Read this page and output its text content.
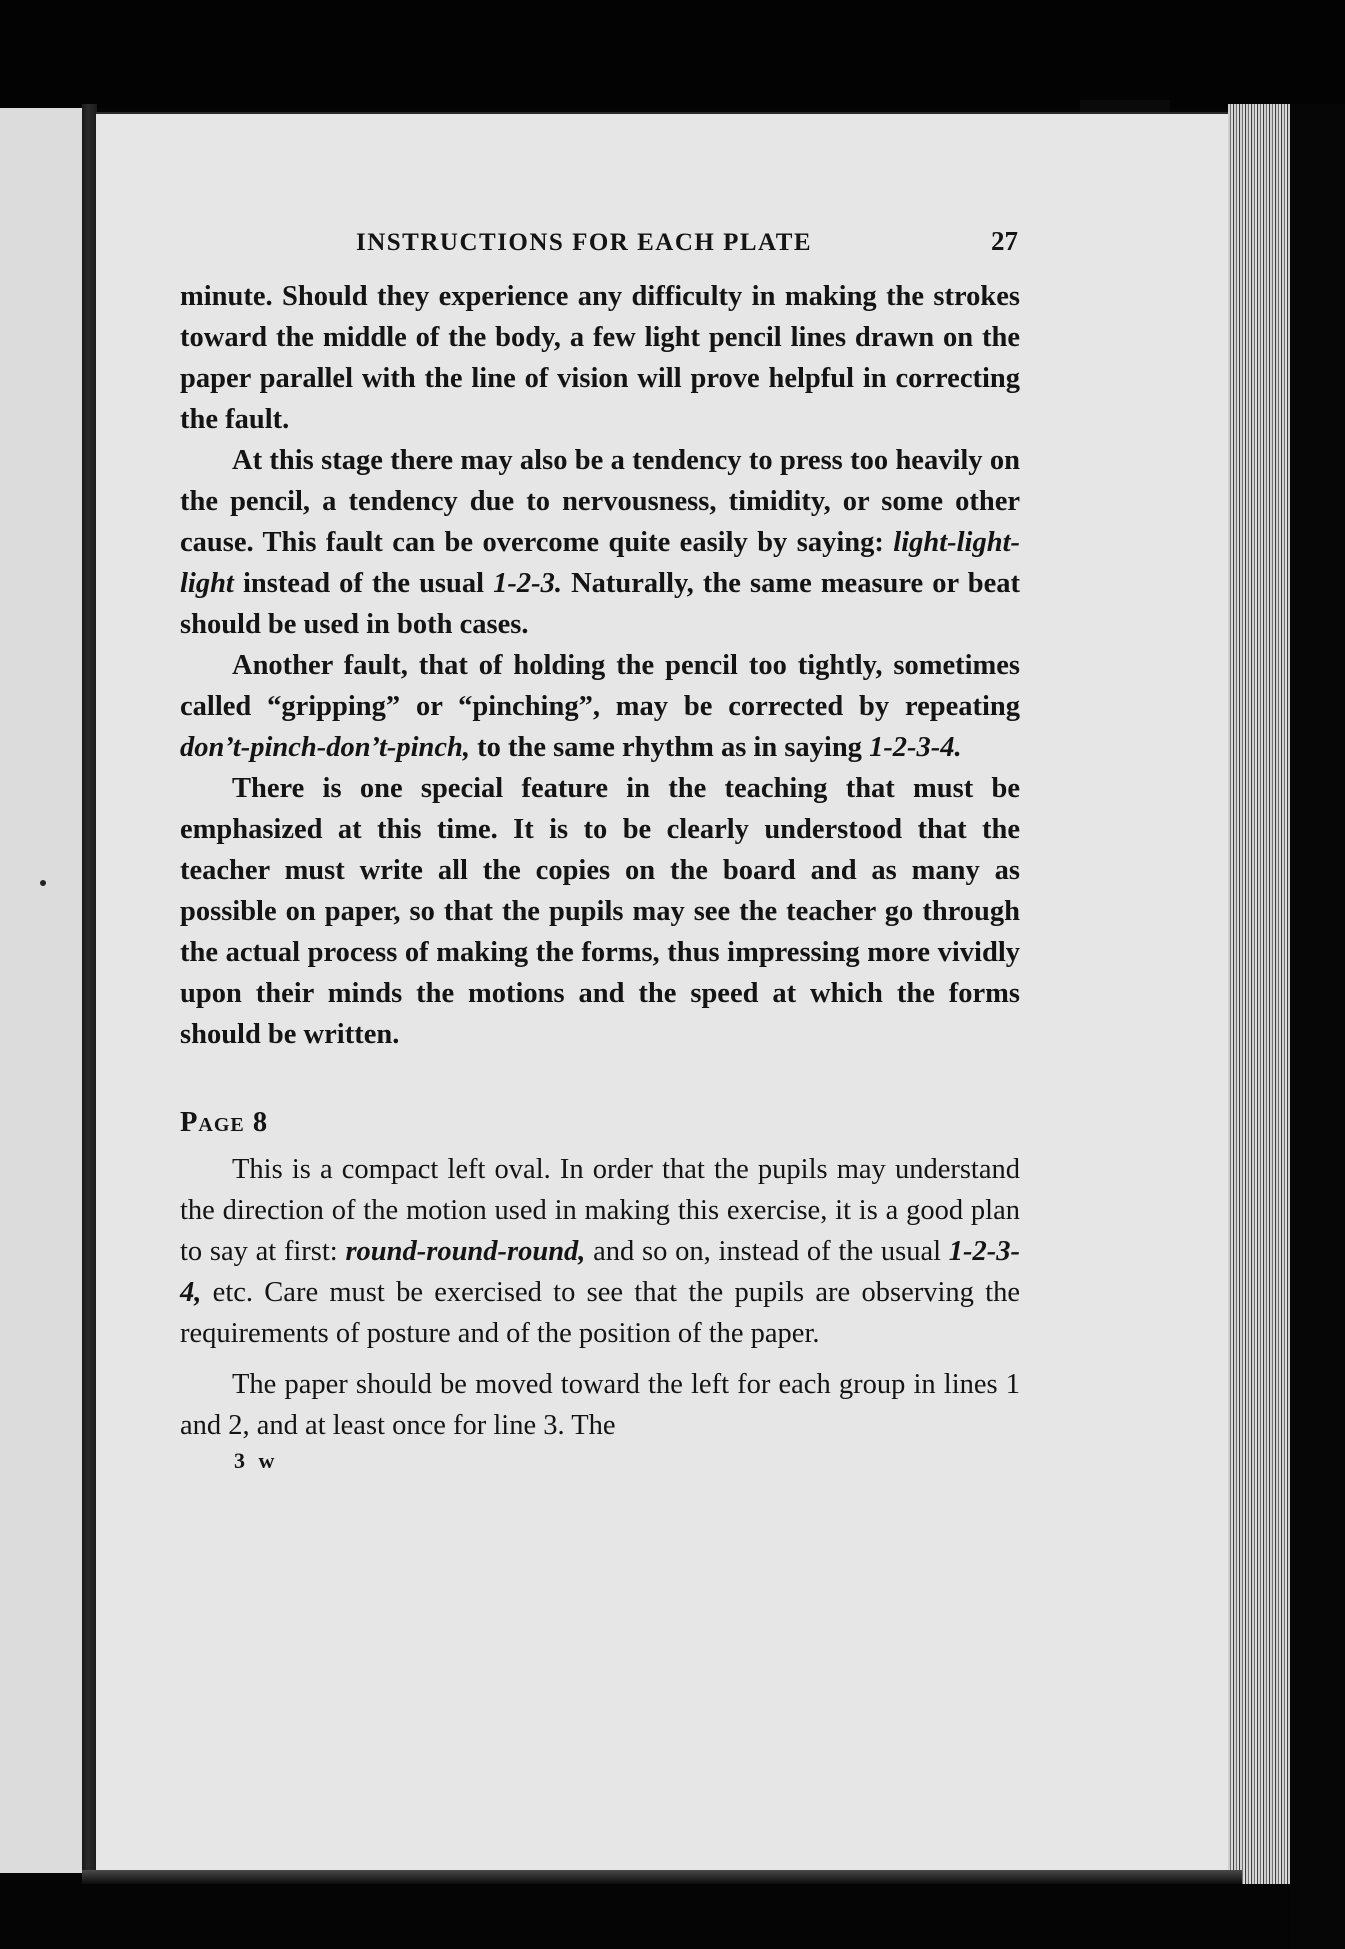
INSTRUCTIONS FOR EACH PLATE	27

minute. Should they experience any difficulty in making the strokes toward the middle of the body, a few light pencil lines drawn on the paper parallel with the line of vision will prove helpful in correcting the fault.

At this stage there may also be a tendency to press too heavily on the pencil, a tendency due to nervousness, timidity, or some other cause. This fault can be overcome quite easily by saying: light-light-light instead of the usual 1-2-3. Naturally, the same measure or beat should be used in both cases.

Another fault, that of holding the pencil too tightly, sometimes called “gripping” or “pinching”, may be corrected by repeating don’t-pinch-don’t-pinch, to the same rhythm as in saying 1-2-3-4.

There is one special feature in the teaching that must be emphasized at this time. It is to be clearly understood that the teacher must write all the copies on the board and as many as possible on paper, so that the pupils may see the teacher go through the actual process of making the forms, thus impressing more vividly upon their minds the motions and the speed at which the forms should be written.

Page 8

This is a compact left oval. In order that the pupils may understand the direction of the motion used in making this exercise, it is a good plan to say at first: round-round-round, and so on, instead of the usual 1-2-3-4, etc. Care must be exercised to see that the pupils are observing the requirements of posture and of the position of the paper.

The paper should be moved toward the left for each group in lines 1 and 2, and at least once for line 3. The

3 w
